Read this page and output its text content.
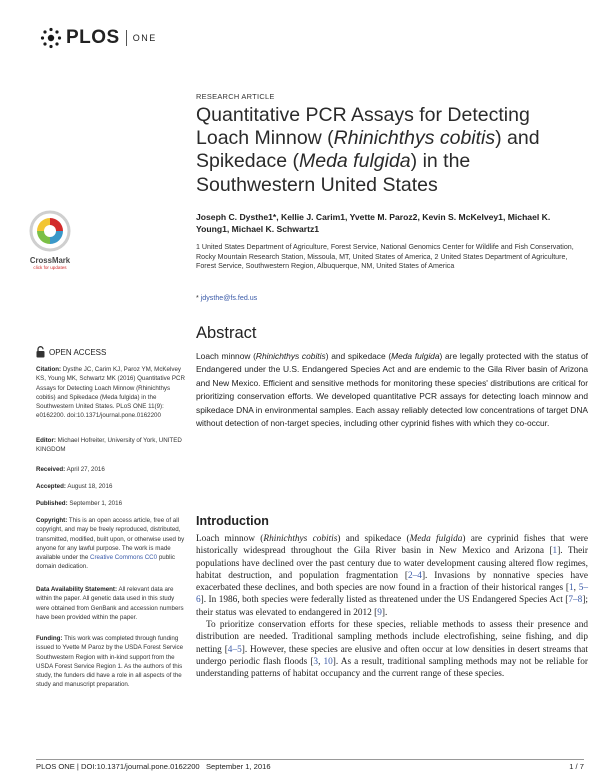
PLOS ONE
RESEARCH ARTICLE
Quantitative PCR Assays for Detecting Loach Minnow (Rhinichthys cobitis) and Spikedace (Meda fulgida) in the Southwestern United States
Joseph C. Dysthe1*, Kellie J. Carim1, Yvette M. Paroz2, Kevin S. McKelvey1, Michael K. Young1, Michael K. Schwartz1
1 United States Department of Agriculture, Forest Service, National Genomics Center for Wildlife and Fish Conservation, Rocky Mountain Research Station, Missoula, MT, United States of America, 2 United States Department of Agriculture, Forest Service, Southwestern Region, Albuquerque, NM, United States of America
* jdysthe@fs.fed.us
CrossMark
click for updates
Abstract
Loach minnow (Rhinichthys cobitis) and spikedace (Meda fulgida) are legally protected with the status of Endangered under the U.S. Endangered Species Act and are endemic to the Gila River basin of Arizona and New Mexico. Efficient and sensitive methods for monitoring these species' distributions are critical for prioritizing conservation efforts. We developed quantitative PCR assays for detecting loach minnow and spikedace DNA in environmental samples. Each assay reliably detected low concentrations of target DNA without detection of non-target species, including other cyprinid fishes with which they co-occur.
OPEN ACCESS
Citation: Dysthe JC, Carim KJ, Paroz YM, McKelvey KS, Young MK, Schwartz MK (2016) Quantitative PCR Assays for Detecting Loach Minnow (Rhinichthys cobitis) and Spikedace (Meda fulgida) in the Southwestern United States. PLoS ONE 11(9): e0162200. doi:10.1371/journal.pone.0162200
Editor: Michael Hofreiter, University of York, UNITED KINGDOM
Received: April 27, 2016
Accepted: August 18, 2016
Published: September 1, 2016
Copyright: This is an open access article, free of all copyright, and may be freely reproduced, distributed, transmitted, modified, built upon, or otherwise used by anyone for any lawful purpose. The work is made available under the Creative Commons CC0 public domain dedication.
Data Availability Statement: All relevant data are within the paper. All genetic data used in this study were obtained from GenBank and accession numbers have been provided within the paper.
Funding: This work was completed through funding issued to Yvette M Paroz by the USDA Forest Service Southwestern Region with in-kind support from the USDA Forest Service Region 1. As the authors of this study, the funders did have a role in all aspects of the study and manuscript preparation.
Introduction

Loach minnow (Rhinichthys cobitis) and spikedace (Meda fulgida) are cyprinid fishes that were historically widespread throughout the Gila River basin in New Mexico and Arizona [1]. Their populations have declined over the past century due to water development causing altered flow regimes, habitat destruction, and population fragmentation [2–4]. Invasions by nonnative species have exacerbated these declines, and both species are now found in a fraction of their historical ranges [1, 5–6]. In 1986, both species were federally listed as threatened under the US Endangered Species Act [7–8]; their status was elevated to endangered in 2012 [9].

To prioritize conservation efforts for these species, reliable methods to assess their presence and distribution are needed. Traditional sampling methods include electrofishing, seine fishing, and dip netting [4–5]. However, these species are elusive and often occur at low densities in desert streams that undergo periodic flash floods [3, 10]. As a result, traditional sampling methods may not be reliable for understanding patterns of habitat occupancy and the current range of these species.

PLOS ONE | DOI:10.1371/journal.pone.0162200   September 1, 2016	1 / 7
